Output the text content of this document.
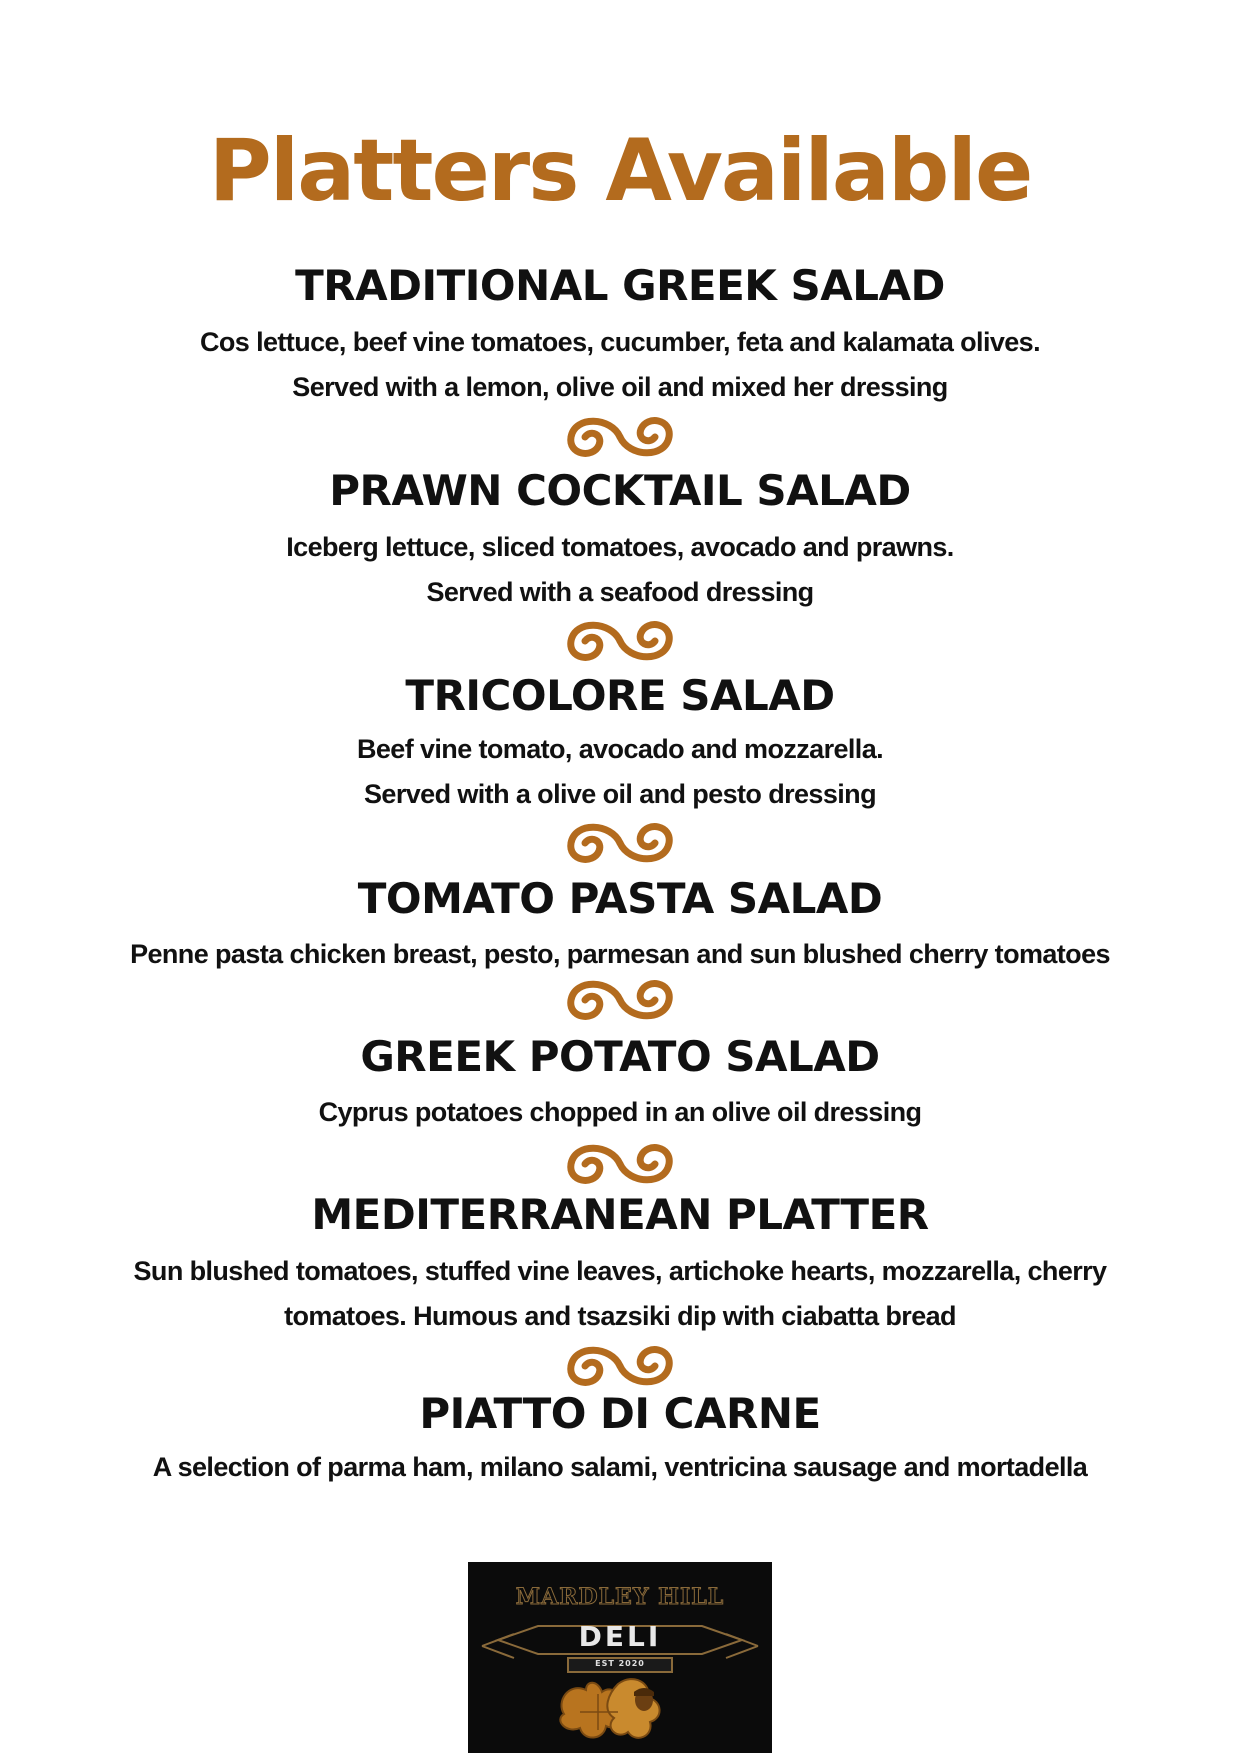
Platters Available
TRADITIONAL GREEK SALAD
Cos lettuce, beef vine tomatoes, cucumber, feta and kalamata olives.
Served with a lemon, olive oil and mixed her dressing
PRAWN COCKTAIL SALAD
Iceberg lettuce, sliced tomatoes, avocado and prawns.
Served with a seafood dressing
TRICOLORE SALAD
Beef vine tomato, avocado and mozzarella.
Served with a olive oil and pesto dressing
TOMATO PASTA SALAD
Penne pasta chicken breast, pesto, parmesan and sun blushed cherry tomatoes
GREEK POTATO SALAD
Cyprus potatoes chopped in an olive oil dressing
MEDITERRANEAN PLATTER
Sun blushed tomatoes, stuffed vine leaves, artichoke hearts, mozzarella, cherry
tomatoes. Humous and tsazsiki dip with ciabatta bread
PIATTO DI CARNE
A selection of parma ham, milano salami, ventricina sausage and mortadella
MARDLEY HILL
DELI
EST 2020
